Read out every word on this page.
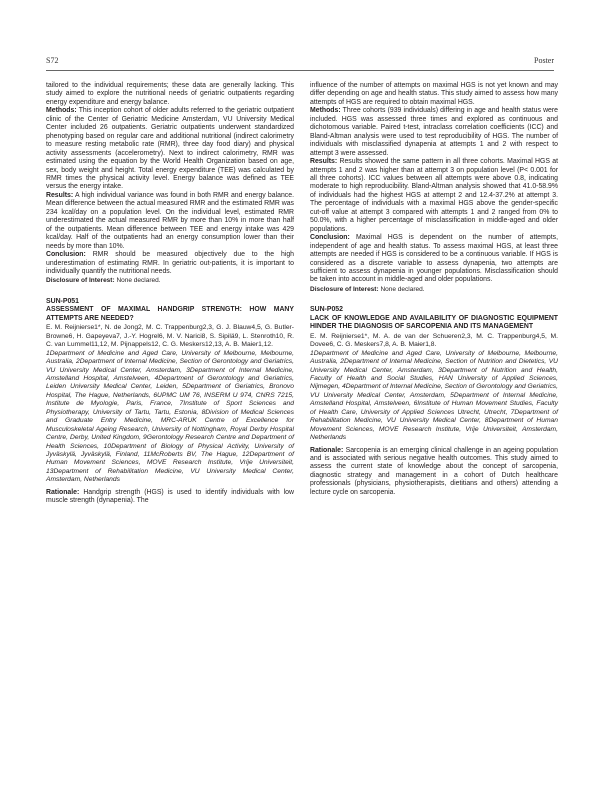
S72	Poster

tailored to the individual requirements; these data are generally lacking. This study aimed to explore the nutritional needs of geriatric outpatients regarding energy expenditure and energy balance.

Methods: This inception cohort of older adults referred to the geriatric outpatient clinic of the Center of Geriatric Medicine Amsterdam, VU University Medical Center included 26 outpatients. Geriatric outpatients underwent standardized phenotyping based on regular care and additional nutritional (indirect calorimetry to measure resting metabolic rate (RMR), three day food diary) and physical activity assessments (accelerometry). Next to indirect calorimetry, RMR was estimated using the equation by the World Health Organization based on age, sex, body weight and height. Total energy expenditure (TEE) was calculated by RMR times the physical activity level. Energy balance was defined as TEE versus the energy intake.

Results: A high individual variance was found in both RMR and energy balance. Mean difference between the actual measured RMR and the estimated RMR was 234 kcal/day on a population level. On the individual level, estimated RMR underestimated the actual measured RMR by more than 10% in more than half of the outpatients. Mean difference between TEE and energy intake was 429 kcal/day. Half of the outpatients had an energy consumption lower than their needs by more than 10%.

Conclusion: RMR should be measured objectively due to the high underestimation of estimating RMR. In geriatric out-patients, it is important to individually quantify the nutritional needs.

Disclosure of Interest: None declared.

SUN-P051

ASSESSMENT OF MAXIMAL HANDGRIP STRENGTH: HOW MANY ATTEMPTS ARE NEEDED?

E. M. Reijnierse1*, N. de Jong2, M. C. Trappenburg2,3, G. J. Blauw4,5, G. Butler-Browne6, H. Gapeyeva7, J.-Y. Hogrel6, M. V. Narici8, S. Sipilä9, L. Stenroth10, R. C. van Lummel11,12, M. Pijnappels12, C. G. Meskers12,13, A. B. Maier1,12.

1Department of Medicine and Aged Care, University of Melbourne, Melbourne, Australia, 2Department of Internal Medicine, Section of Gerontology and Geriatrics, VU University Medical Center, Amsterdam, 3Department of Internal Medicine, Amstelland Hospital, Amstelveen, 4Department of Gerontology and Geriatrics, Leiden University Medical Center, Leiden, 5Department of Geriatrics, Bronovo Hospital, The Hague, Netherlands, 6UPMC UM 76, INSERM U 974, CNRS 7215, Institute de Myologie, Paris, France, 7Institute of Sport Sciences and Physiotherapy, University of Tartu, Tartu, Estonia, 8Division of Medical Sciences and Graduate Entry Medicine, MRC-ARUK Centre of Excellence for Musculoskeletal Ageing Research, University of Nottingham, Royal Derby Hospital Centre, Derby, United Kingdom, 9Gerontology Research Centre and Department of Health Sciences, 10Department of Biology of Physical Activity, University of Jyväskylä, Jyväskylä, Finland, 11McRoberts BV, The Hague, 12Department of Human Movement Sciences, MOVE Research Institute, Vrije Universiteit, 13Department of Rehabilitation Medicine, VU University Medical Center, Amsterdam, Netherlands

Rationale: Handgrip strength (HGS) is used to identify individuals with low muscle strength (dynapenia). The

influence of the number of attempts on maximal HGS is not yet known and may differ depending on age and health status. This study aimed to assess how many attempts of HGS are required to obtain maximal HGS.

Methods: Three cohorts (939 individuals) differing in age and health status were included. HGS was assessed three times and explored as continuous and dichotomous variable. Paired t-test, intraclass correlation coefficients (ICC) and Bland-Altman analysis were used to test reproducibility of HGS. The number of individuals with misclassified dynapenia at attempts 1 and 2 with respect to attempt 3 were assessed.

Results: Results showed the same pattern in all three cohorts. Maximal HGS at attempts 1 and 2 was higher than at attempt 3 on population level (P< 0.001 for all three cohorts). ICC values between all attempts were above 0.8, indicating moderate to high reproducibility. Bland-Altman analysis showed that 41.0-58.9% of individuals had the highest HGS at attempt 2 and 12.4-37.2% at attempt 3. The percentage of individuals with a maximal HGS above the gender-specific cut-off value at attempt 3 compared with attempts 1 and 2 ranged from 0% to 50.0%, with a higher percentage of misclassification in middle-aged and older populations.

Conclusion: Maximal HGS is dependent on the number of attempts, independent of age and health status. To assess maximal HGS, at least three attempts are needed if HGS is considered to be a continuous variable. If HGS is considered as a discrete variable to assess dynapenia, two attempts are sufficient to assess dynapenia in younger populations. Misclassification should be taken into account in middle-aged and older populations.

Disclosure of Interest: None declared.

SUN-P052

LACK OF KNOWLEDGE AND AVAILABILITY OF DIAGNOSTIC EQUIPMENT HINDER THE DIAGNOSIS OF SARCOPENIA AND ITS MANAGEMENT

E. M. Reijnierse1*, M. A. de van der Schueren2,3, M. C. Trappenburg4,5, M. Dovee6, C. G. Meskers7,8, A. B. Maier1,8.

1Department of Medicine and Aged Care, University of Melbourne, Melbourne, Australia, 2Department of Internal Medicine, Section of Nutrition and Dietetics, VU University Medical Center, Amsterdam, 3Department of Nutrition and Health, Faculty of Health and Social Studies, HAN University of Applied Sciences, Nijmegen, 4Department of Internal Medicine, Section of Gerontology and Geriatrics, VU University Medical Center, Amsterdam, 5Department of Internal Medicine, Amstelland Hospital, Amstelveen, 6Institute of Human Movement Studies, Faculty of Health Care, University of Applied Sciences Utrecht, Utrecht, 7Department of Rehabilitation Medicine, VU University Medical Center, 8Department of Human Movement Sciences, MOVE Research Institute, Vrije Universiteit, Amsterdam, Netherlands

Rationale: Sarcopenia is an emerging clinical challenge in an ageing population and is associated with serious negative health outcomes. This study aimed to assess the current state of knowledge about the concept of sarcopenia, diagnostic strategy and management in a cohort of Dutch healthcare professionals (physicians, physiotherapists, dietitians and others) attending a lecture cycle on sarcopenia.
